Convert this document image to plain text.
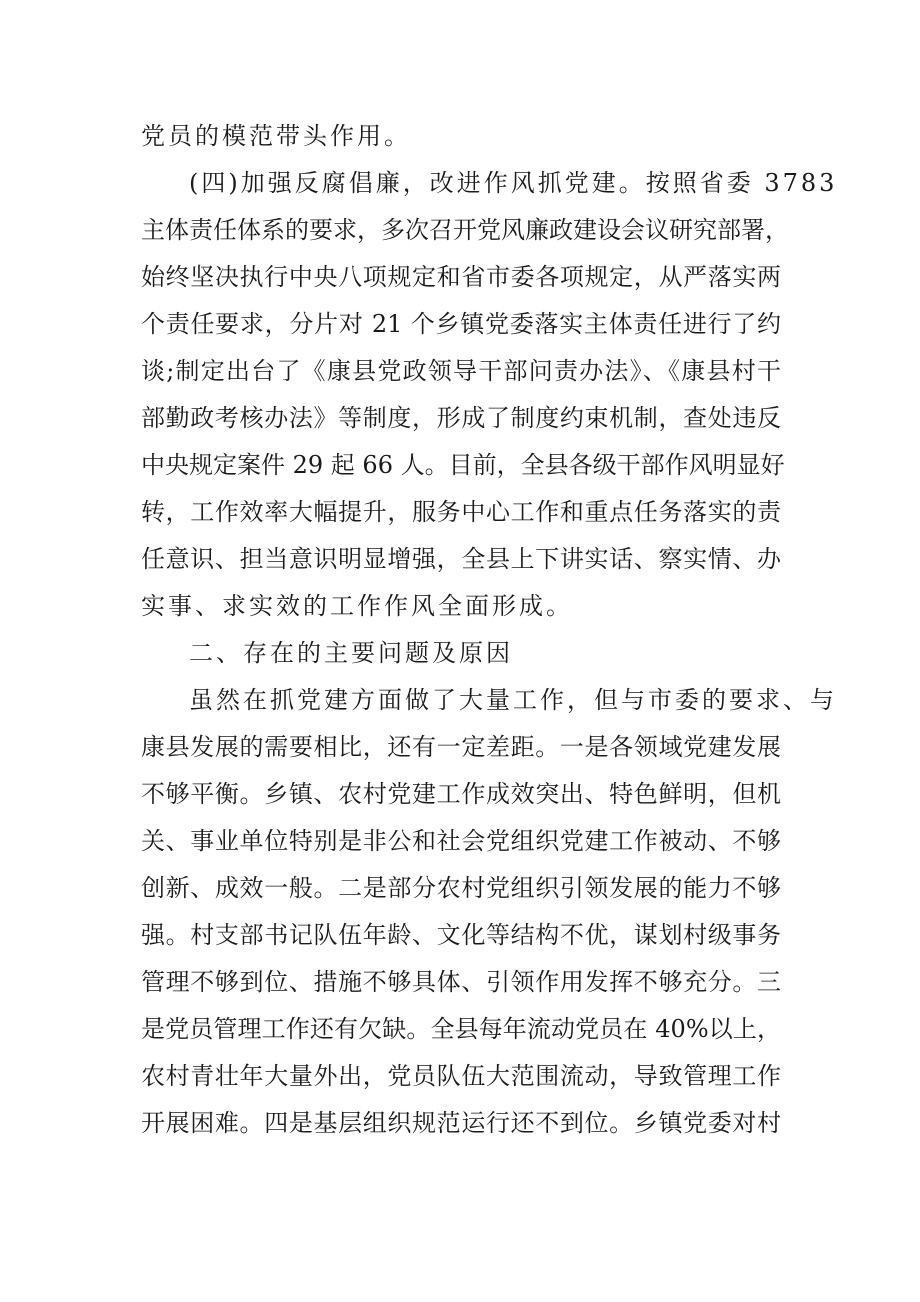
党员的模范带头作用。
(四)加强反腐倡廉，改进作风抓党建。按照省委 3783
主体责任体系的要求，多次召开党风廉政建设会议研究部署，
始终坚决执行中央八项规定和省市委各项规定，从严落实两
个责任要求，分片对 21 个乡镇党委落实主体责任进行了约
谈;制定出台了《康县党政领导干部问责办法》、《康县村干
部勤政考核办法》等制度，形成了制度约束机制，查处违反
中央规定案件 29 起 66 人。目前，全县各级干部作风明显好
转，工作效率大幅提升，服务中心工作和重点任务落实的责
任意识、担当意识明显增强，全县上下讲实话、察实情、办
实事、求实效的工作作风全面形成。
二、存在的主要问题及原因
虽然在抓党建方面做了大量工作，但与市委的要求、与
康县发展的需要相比，还有一定差距。一是各领域党建发展
不够平衡。乡镇、农村党建工作成效突出、特色鲜明，但机
关、事业单位特别是非公和社会党组织党建工作被动、不够
创新、成效一般。二是部分农村党组织引领发展的能力不够
强。村支部书记队伍年龄、文化等结构不优，谋划村级事务
管理不够到位、措施不够具体、引领作用发挥不够充分。三
是党员管理工作还有欠缺。全县每年流动党员在 40%以上，
农村青壮年大量外出，党员队伍大范围流动，导致管理工作
开展困难。四是基层组织规范运行还不到位。乡镇党委对村
